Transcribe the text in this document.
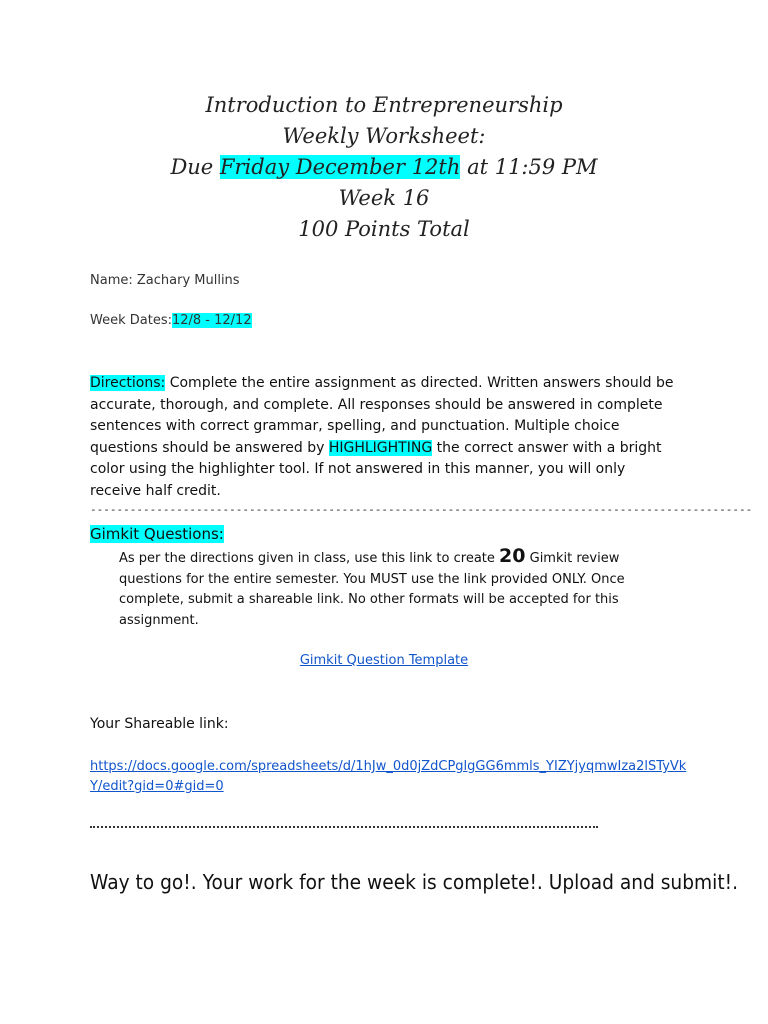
Introduction to Entrepreneurship
Weekly Worksheet:
Due Friday December 12th at 11:59 PM
Week 16
100 Points Total
Name: Zachary Mullins
Week Dates:12/8 - 12/12
Directions: Complete the entire assignment as directed. Written answers should be accurate, thorough, and complete. All responses should be answered in complete sentences with correct grammar, spelling, and punctuation. Multiple choice questions should be answered by HIGHLIGHTING the correct answer with a bright color using the highlighter tool. If not answered in this manner, you will only receive half credit.
----------------------------------------------------------------------------------------------------
Gimkit Questions:
As per the directions given in class, use this link to create 20 Gimkit review questions for the entire semester. You MUST use the link provided ONLY. Once complete, submit a shareable link. No other formats will be accepted for this assignment.
Gimkit Question Template
Your Shareable link:
https://docs.google.com/spreadsheets/d/1hJw_0d0jZdCPglgGG6mmls_YIZYjyqmwIza2lSTyVkY/edit?gid=0#gid=0
Way to go!. Your work for the week is complete!. Upload and submit!.
